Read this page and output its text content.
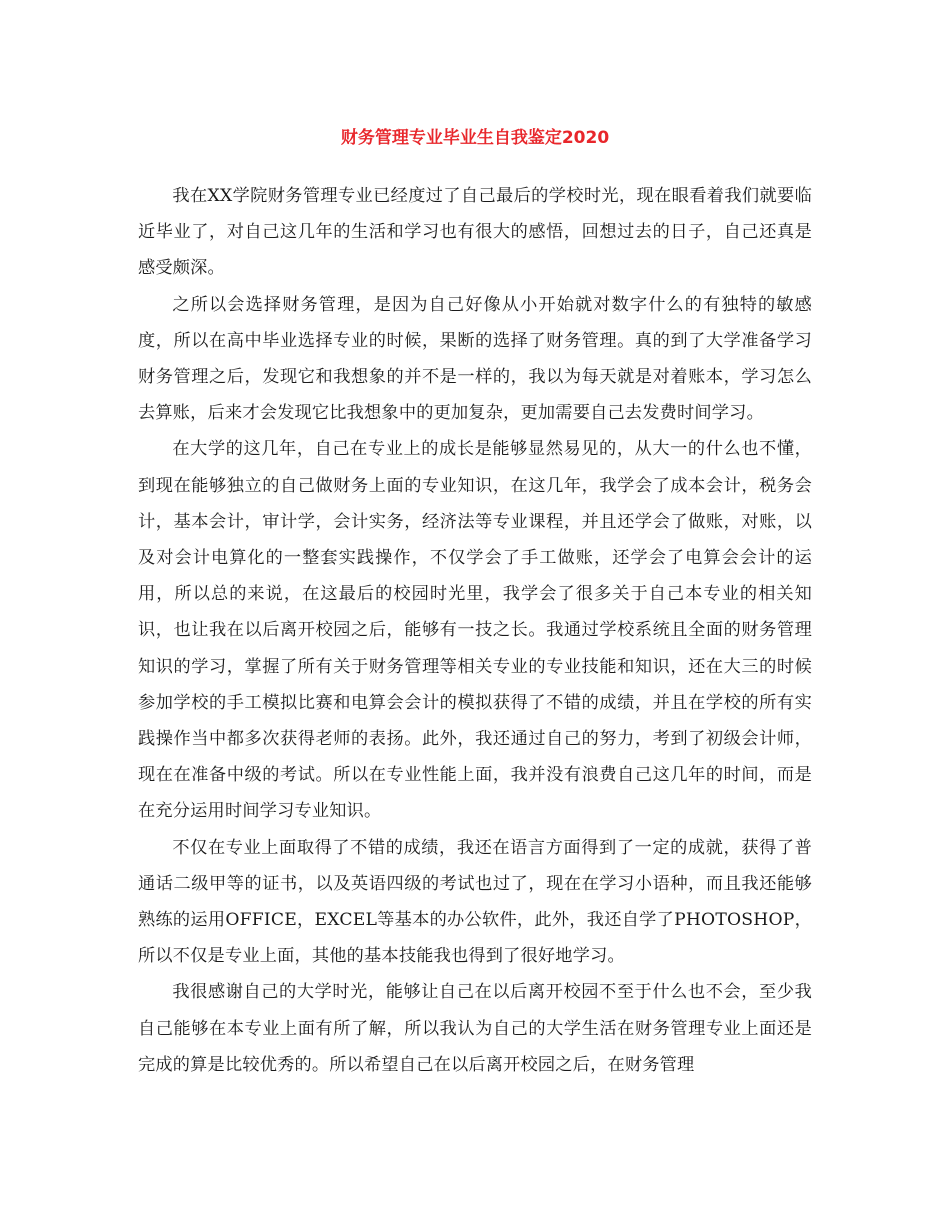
财务管理专业毕业生自我鉴定2020

我在XX学院财务管理专业已经度过了自己最后的学校时光，现在眼看着我们就要临近毕业了，对自己这几年的生活和学习也有很大的感悟，回想过去的日子，自己还真是感受颇深。

之所以会选择财务管理，是因为自己好像从小开始就对数字什么的有独特的敏感度，所以在高中毕业选择专业的时候，果断的选择了财务管理。真的到了大学准备学习财务管理之后，发现它和我想象的并不是一样的，我以为每天就是对着账本，学习怎么去算账，后来才会发现它比我想象中的更加复杂，更加需要自己去发费时间学习。

在大学的这几年，自己在专业上的成长是能够显然易见的，从大一的什么也不懂，到现在能够独立的自己做财务上面的专业知识，在这几年，我学会了成本会计，税务会计，基本会计，审计学，会计实务，经济法等专业课程，并且还学会了做账，对账，以及对会计电算化的一整套实践操作，不仅学会了手工做账，还学会了电算会会计的运用，所以总的来说，在这最后的校园时光里，我学会了很多关于自己本专业的相关知识，也让我在以后离开校园之后，能够有一技之长。我通过学校系统且全面的财务管理知识的学习，掌握了所有关于财务管理等相关专业的专业技能和知识，还在大三的时候参加学校的手工模拟比赛和电算会会计的模拟获得了不错的成绩，并且在学校的所有实践操作当中都多次获得老师的表扬。此外，我还通过自己的努力，考到了初级会计师，现在在准备中级的考试。所以在专业性能上面，我并没有浪费自己这几年的时间，而是在充分运用时间学习专业知识。

不仅在专业上面取得了不错的成绩，我还在语言方面得到了一定的成就，获得了普通话二级甲等的证书，以及英语四级的考试也过了，现在在学习小语种，而且我还能够熟练的运用OFFICE，EXCEL等基本的办公软件，此外，我还自学了PHOTOSHOP，所以不仅是专业上面，其他的基本技能我也得到了很好地学习。

我很感谢自己的大学时光，能够让自己在以后离开校园不至于什么也不会，至少我自己能够在本专业上面有所了解，所以我认为自己的大学生活在财务管理专业上面还是完成的算是比较优秀的。所以希望自己在以后离开校园之后，在财务管理
